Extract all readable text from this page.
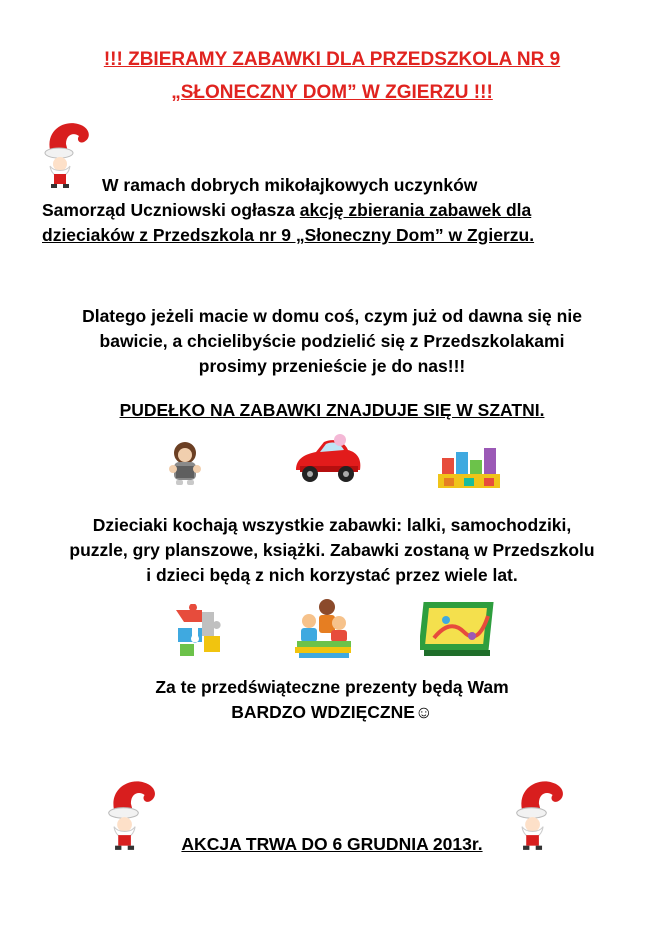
!!! ZBIERAMY ZABAWKI DLA PRZEDSZKOLA NR 9
„SŁONECZNY DOM” W ZGIERZU !!!
W ramach dobrych mikołajkowych uczynków
Samorząd Uczniowski ogłasza akcję zbierania zabawek dla
dzieciaków z Przedszkola nr 9 „Słoneczny Dom” w Zgierzu.
Dlatego jeżeli macie w domu coś, czym już od dawna się nie
bawicie, a chcielibyście podzielić się z Przedszkolakami
prosimy przenieście je do nas!!!
PUDEŁKO NA ZABAWKI ZNAJDUJE SIĘ W SZATNI.
Dzieciaki kochają wszystkie zabawki: lalki, samochodziki,
puzzle, gry planszowe, książki. Zabawki zostaną w Przedszkolu
i dzieci będą z nich korzystać przez wiele lat.
Za te przedświąteczne prezenty będą Wam
BARDZO WDZIĘCZNE☺
AKCJA TRWA DO 6 GRUDNIA 2013r.
